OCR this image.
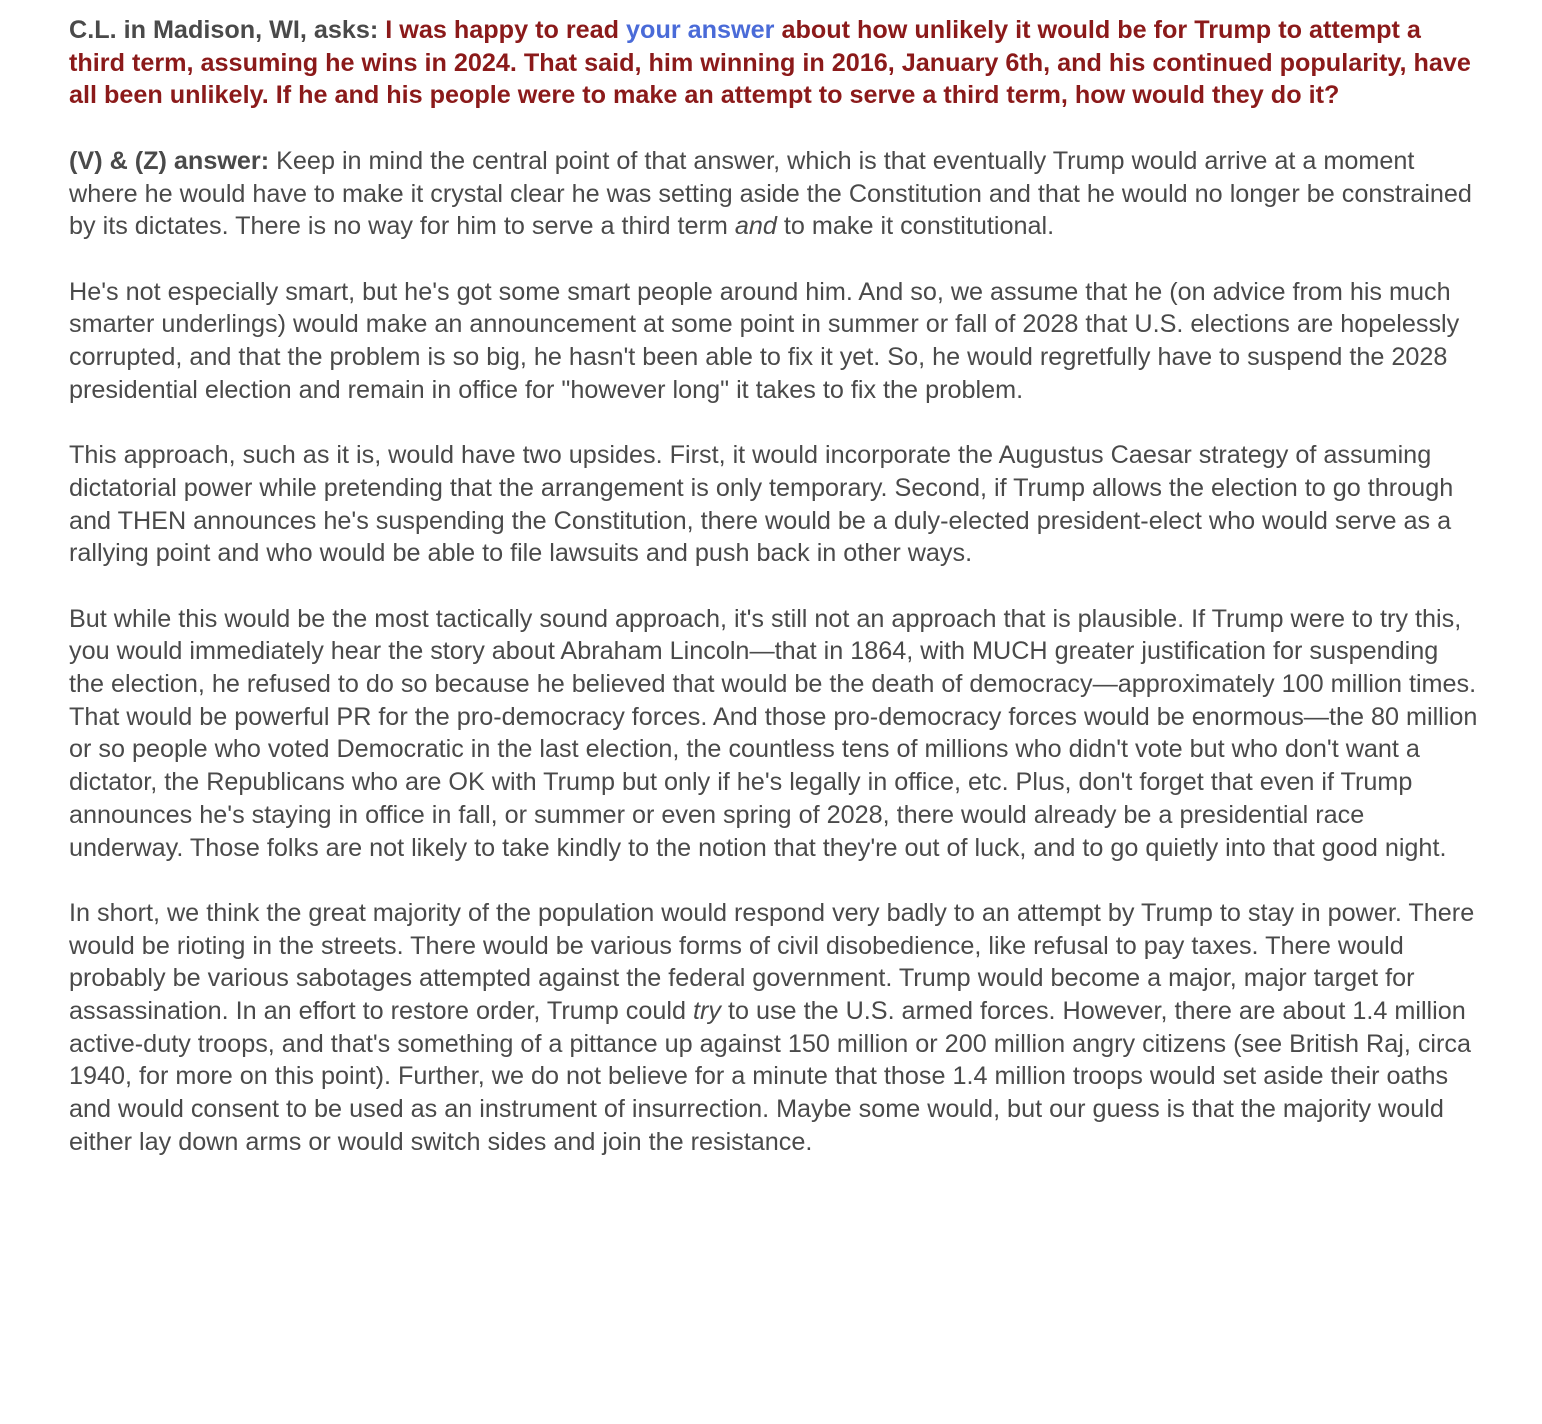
C.L. in Madison, WI, asks: I was happy to read your answer about how unlikely it would be for Trump to attempt a third term, assuming he wins in 2024. That said, him winning in 2016, January 6th, and his continued popularity, have all been unlikely. If he and his people were to make an attempt to serve a third term, how would they do it?

(V) & (Z) answer: Keep in mind the central point of that answer, which is that eventually Trump would arrive at a moment where he would have to make it crystal clear he was setting aside the Constitution and that he would no longer be constrained by its dictates. There is no way for him to serve a third term and to make it constitutional.

He's not especially smart, but he's got some smart people around him. And so, we assume that he (on advice from his much smarter underlings) would make an announcement at some point in summer or fall of 2028 that U.S. elections are hopelessly corrupted, and that the problem is so big, he hasn't been able to fix it yet. So, he would regretfully have to suspend the 2028 presidential election and remain in office for "however long" it takes to fix the problem.

This approach, such as it is, would have two upsides. First, it would incorporate the Augustus Caesar strategy of assuming dictatorial power while pretending that the arrangement is only temporary. Second, if Trump allows the election to go through and THEN announces he's suspending the Constitution, there would be a duly-elected president-elect who would serve as a rallying point and who would be able to file lawsuits and push back in other ways.

But while this would be the most tactically sound approach, it's still not an approach that is plausible. If Trump were to try this, you would immediately hear the story about Abraham Lincoln—that in 1864, with MUCH greater justification for suspending the election, he refused to do so because he believed that would be the death of democracy—approximately 100 million times. That would be powerful PR for the pro-democracy forces. And those pro-democracy forces would be enormous—the 80 million or so people who voted Democratic in the last election, the countless tens of millions who didn't vote but who don't want a dictator, the Republicans who are OK with Trump but only if he's legally in office, etc. Plus, don't forget that even if Trump announces he's staying in office in fall, or summer or even spring of 2028, there would already be a presidential race underway. Those folks are not likely to take kindly to the notion that they're out of luck, and to go quietly into that good night.

In short, we think the great majority of the population would respond very badly to an attempt by Trump to stay in power. There would be rioting in the streets. There would be various forms of civil disobedience, like refusal to pay taxes. There would probably be various sabotages attempted against the federal government. Trump would become a major, major target for assassination. In an effort to restore order, Trump could try to use the U.S. armed forces. However, there are about 1.4 million active-duty troops, and that's something of a pittance up against 150 million or 200 million angry citizens (see British Raj, circa 1940, for more on this point). Further, we do not believe for a minute that those 1.4 million troops would set aside their oaths and would consent to be used as an instrument of insurrection. Maybe some would, but our guess is that the majority would either lay down arms or would switch sides and join the resistance.
